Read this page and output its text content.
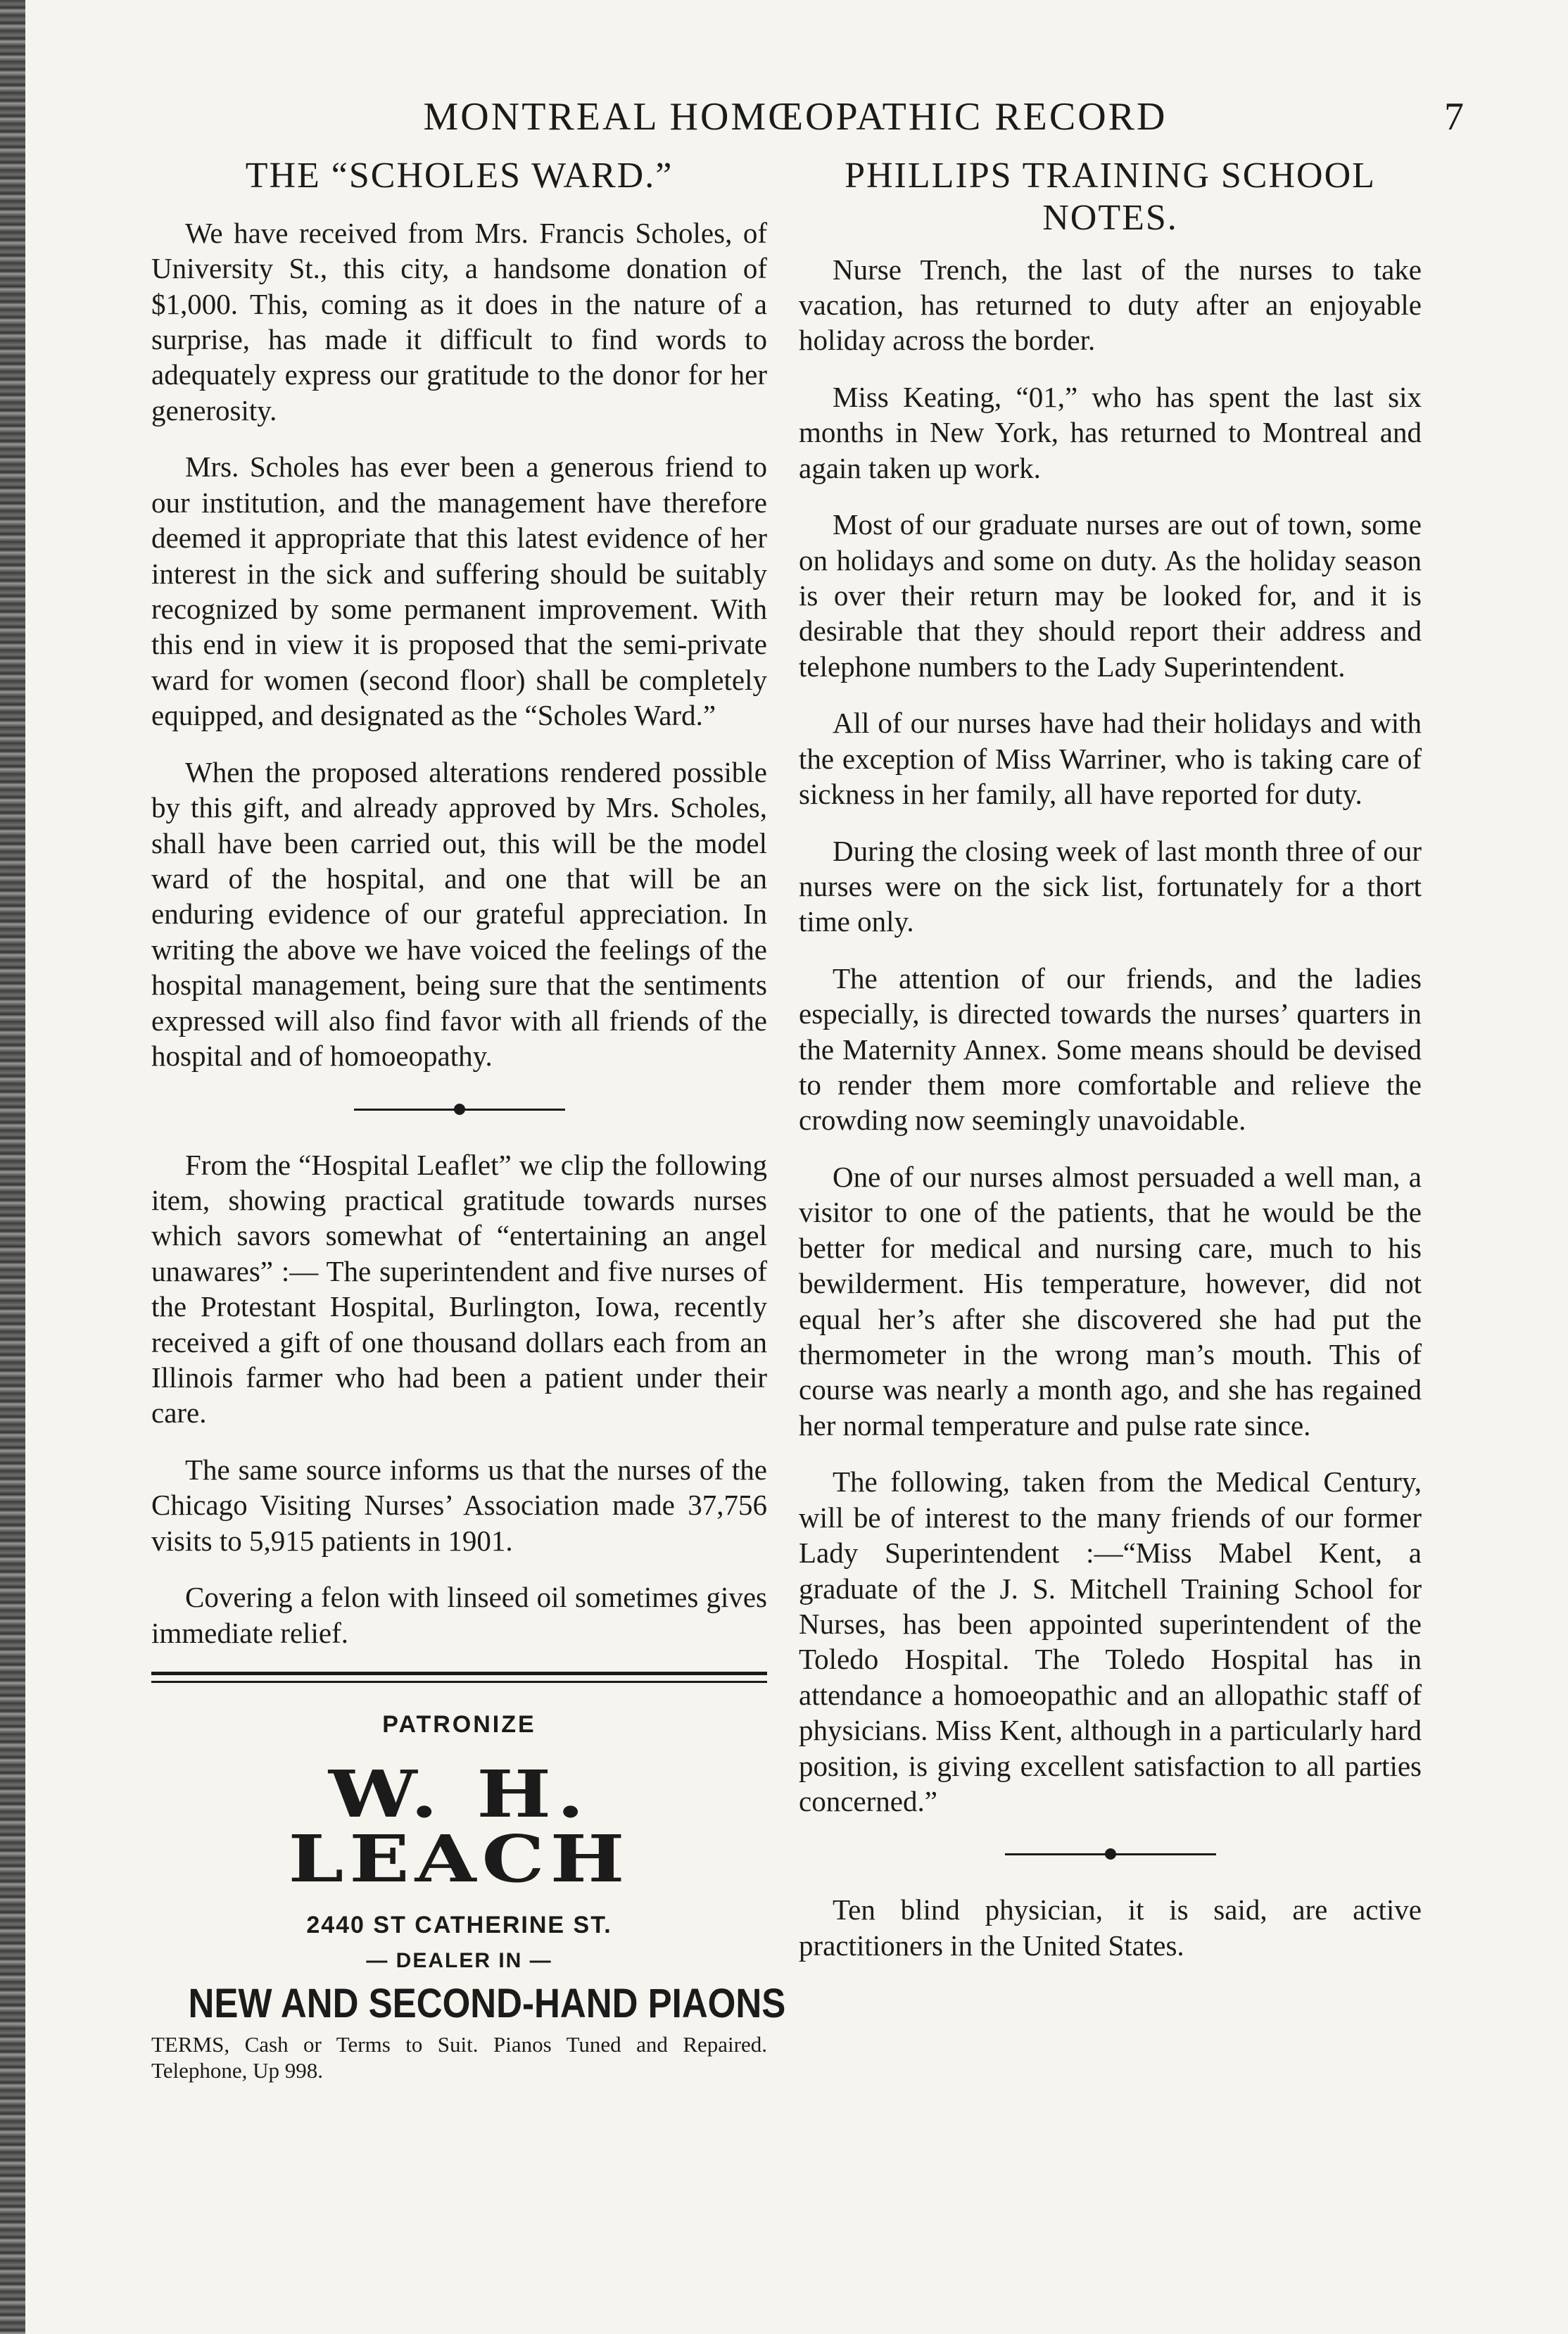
MONTREAL HOMŒOPATHIC RECORD	7
THE “SCHOLES WARD.”

We have received from Mrs. Francis Scholes, of University St., this city, a handsome donation of $1,000. This, coming as it does in the nature of a surprise, has made it difficult to find words to adequately express our gratitude to the donor for her generosity.

Mrs. Scholes has ever been a generous friend to our institution, and the management have therefore deemed it appropriate that this latest evidence of her interest in the sick and suffering should be suitably recognized by some permanent improvement. With this end in view it is proposed that the semi-private ward for women (second floor) shall be completely equipped, and designated as the “Scholes Ward.”

When the proposed alterations rendered possible by this gift, and already approved by Mrs. Scholes, shall have been carried out, this will be the model ward of the hospital, and one that will be an enduring evidence of our grateful appreciation. In writing the above we have voiced the feelings of the hospital management, being sure that the sentiments expressed will also find favor with all friends of the hospital and of homoeopathy.

From the “Hospital Leaflet” we clip the following item, showing practical gratitude towards nurses which savors somewhat of “entertaining an angel unawares” :— The superintendent and five nurses of the Protestant Hospital, Burlington, Iowa, recently received a gift of one thousand dollars each from an Illinois farmer who had been a patient under their care.

The same source informs us that the nurses of the Chicago Visiting Nurses’ Association made 37,756 visits to 5,915 patients in 1901.

Covering a felon with linseed oil sometimes gives immediate relief.

PATRONIZE
W. H. LEACH
2440 ST CATHERINE ST.
— DEALER IN —
NEW AND SECOND-HAND PIAONS
TERMS, Cash or Terms to Suit. Pianos Tuned and Repaired. Telephone, Up 998.
PHILLIPS TRAINING SCHOOL NOTES.

Nurse Trench, the last of the nurses to take vacation, has returned to duty after an enjoyable holiday across the border.

Miss Keating, “01,” who has spent the last six months in New York, has returned to Montreal and again taken up work.

Most of our graduate nurses are out of town, some on holidays and some on duty. As the holiday season is over their return may be looked for, and it is desirable that they should report their address and telephone numbers to the Lady Superintendent.

All of our nurses have had their holidays and with the exception of Miss Warriner, who is taking care of sickness in her family, all have reported for duty.

During the closing week of last month three of our nurses were on the sick list, fortunately for a thort time only.

The attention of our friends, and the ladies especially, is directed towards the nurses’ quarters in the Maternity Annex. Some means should be devised to render them more comfortable and relieve the crowding now seemingly unavoidable.

One of our nurses almost persuaded a well man, a visitor to one of the patients, that he would be the better for medical and nursing care, much to his bewilderment. His temperature, however, did not equal her’s after she discovered she had put the thermometer in the wrong man’s mouth. This of course was nearly a month ago, and she has regained her normal temperature and pulse rate since.

The following, taken from the Medical Century, will be of interest to the many friends of our former Lady Superintendent :—“Miss Mabel Kent, a graduate of the J. S. Mitchell Training School for Nurses, has been appointed superintendent of the Toledo Hospital. The Toledo Hospital has in attendance a homoeopathic and an allopathic staff of physicians. Miss Kent, although in a particularly hard position, is giving excellent satisfaction to all parties concerned.”

Ten blind physician, it is said, are active practitioners in the United States.
